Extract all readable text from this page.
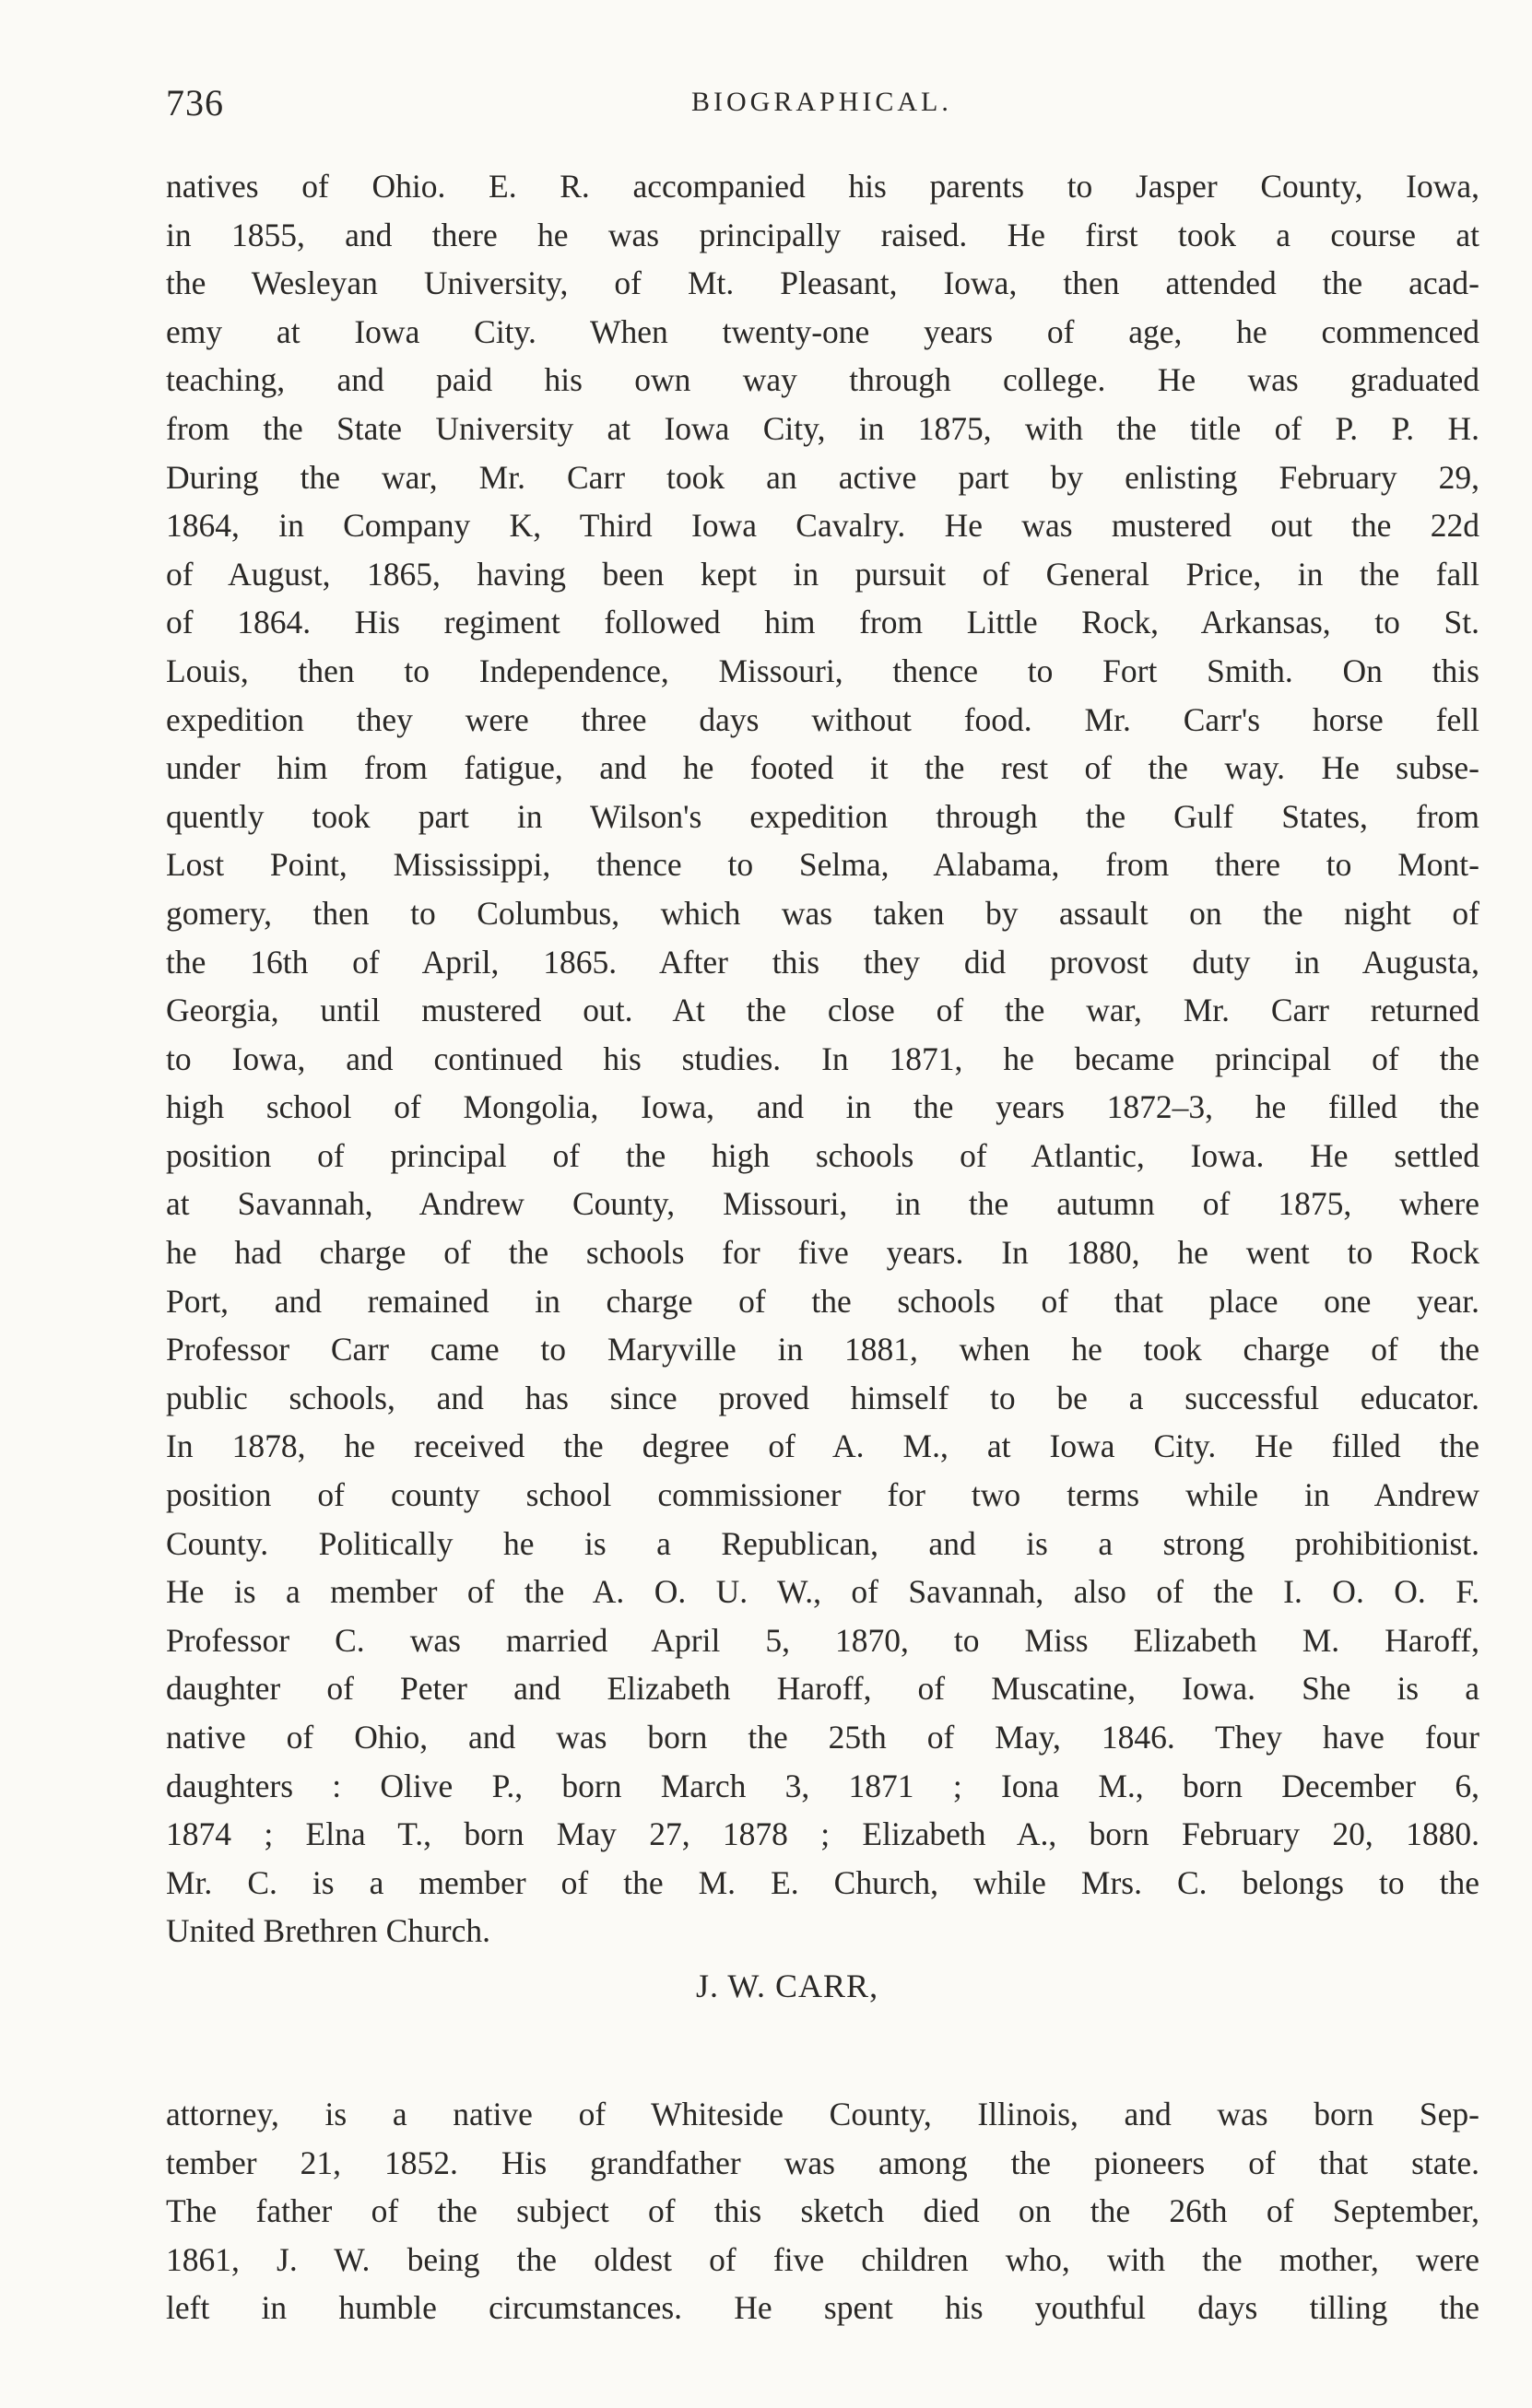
736	BIOGRAPHICAL.
natives of Ohio. E. R. accompanied his parents to Jasper County, Iowa,
in 1855, and there he was principally raised. He first took a course at
the Wesleyan University, of Mt. Pleasant, Iowa, then attended the acad-
emy at Iowa City. When twenty-one years of age, he commenced
teaching, and paid his own way through college. He was graduated
from the State University at Iowa City, in 1875, with the title of P. P. H.
During the war, Mr. Carr took an active part by enlisting February 29,
1864, in Company K, Third Iowa Cavalry. He was mustered out the 22d
of August, 1865, having been kept in pursuit of General Price, in the fall
of 1864. His regiment followed him from Little Rock, Arkansas, to St.
Louis, then to Independence, Missouri, thence to Fort Smith. On this
expedition they were three days without food. Mr. Carr's horse fell
under him from fatigue, and he footed it the rest of the way. He subse-
quently took part in Wilson's expedition through the Gulf States, from
Lost Point, Mississippi, thence to Selma, Alabama, from there to Mont-
gomery, then to Columbus, which was taken by assault on the night of
the 16th of April, 1865. After this they did provost duty in Augusta,
Georgia, until mustered out. At the close of the war, Mr. Carr returned
to Iowa, and continued his studies. In 1871, he became principal of the
high school of Mongolia, Iowa, and in the years 1872–3, he filled the
position of principal of the high schools of Atlantic, Iowa. He settled
at Savannah, Andrew County, Missouri, in the autumn of 1875, where
he had charge of the schools for five years. In 1880, he went to Rock
Port, and remained in charge of the schools of that place one year.
Professor Carr came to Maryville in 1881, when he took charge of the
public schools, and has since proved himself to be a successful educator.
In 1878, he received the degree of A. M., at Iowa City. He filled the
position of county school commissioner for two terms while in Andrew
County. Politically he is a Republican, and is a strong prohibitionist.
He is a member of the A. O. U. W., of Savannah, also of the I. O. O. F.
Professor C. was married April 5, 1870, to Miss Elizabeth M. Haroff,
daughter of Peter and Elizabeth Haroff, of Muscatine, Iowa. She is a
native of Ohio, and was born the 25th of May, 1846. They have four
daughters : Olive P., born March 3, 1871 ; Iona M., born December 6,
1874 ; Elna T., born May 27, 1878 ; Elizabeth A., born February 20, 1880.
Mr. C. is a member of the M. E. Church, while Mrs. C. belongs to the
United Brethren Church.
J. W. CARR,
attorney, is a native of Whiteside County, Illinois, and was born Sep-
tember 21, 1852. His grandfather was among the pioneers of that state.
The father of the subject of this sketch died on the 26th of September,
1861, J. W. being the oldest of five children who, with the mother, were
left in humble circumstances. He spent his youthful days tilling the
